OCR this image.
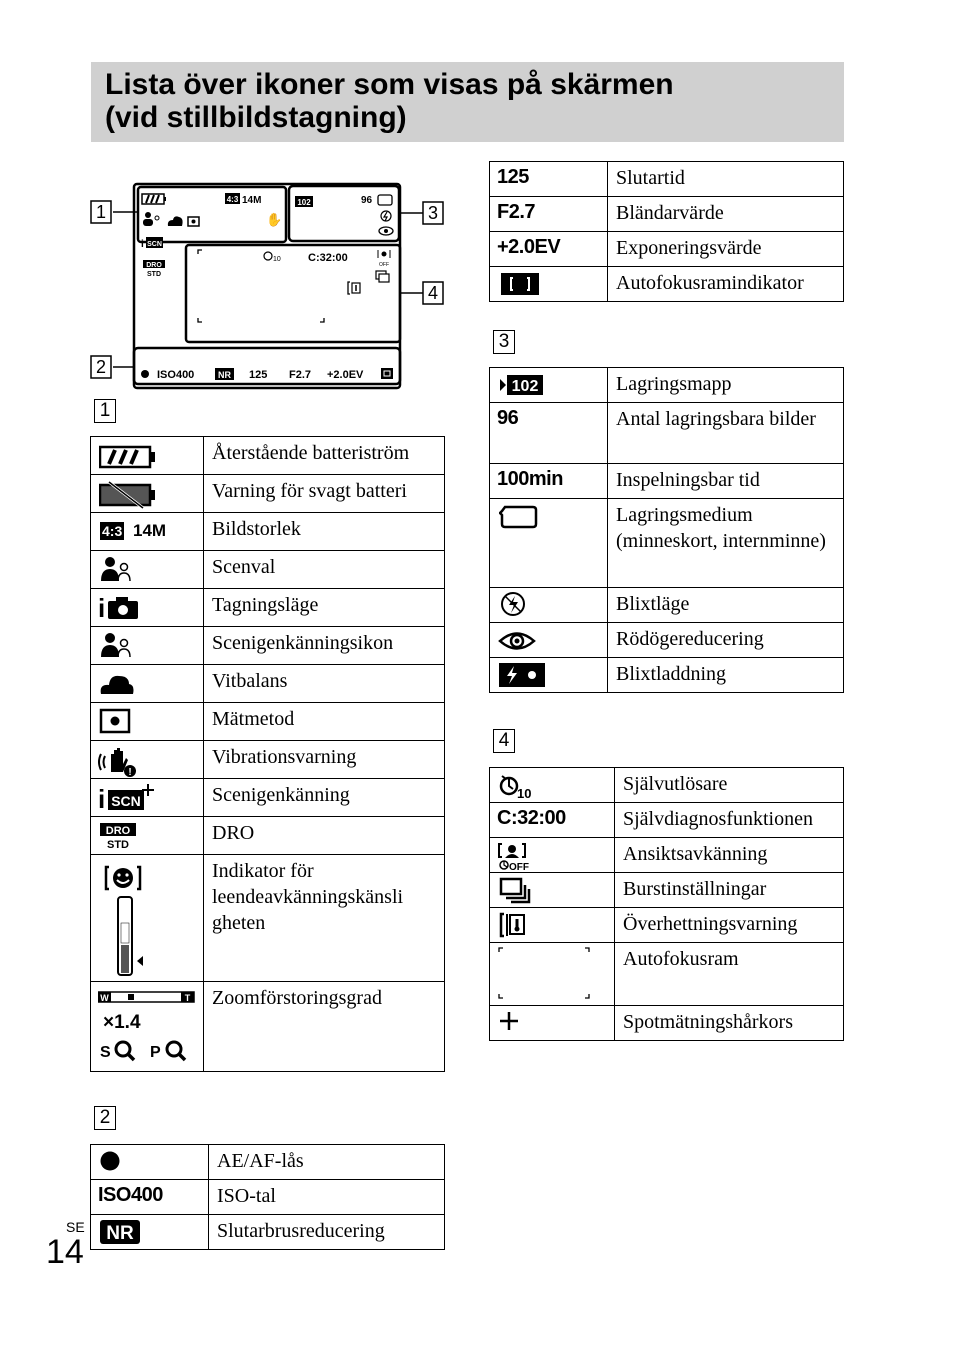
Lista över ikoner som visas på skärmen
(vid stillbildstagning)
1	3
4
2
4:3 14M
✋
i SCN
DRO
STD
102	96
10 C:32:00
OFF
ISO400	NR 125 F2.7 +2.0EV
1
	Återstående batteriström

	Varning för svagt batteri

4:3 14M	Bildstorlek

	Scenval

i	Tagningsläge

	Scenigenkänningsikon

	Vitbalans

	Mätmetod

!	Vibrationsvarning

i SCN	Scenigenkänning

DRO
STD	DRO

	Indikator för leendeavkänningskänsli gheten

W T
×1.4
S P	Zoomförstoringsgrad
2
	AE/AF-lås

ISO400	ISO-tal

NR	Slutarbrusreducering
125	Slutartid

F2.7	Bländarvärde

+2.0EV	Exponeringsvärde

	Autofokusramindikator
3
102	Lagringsmapp

96	Antal lagringsbara bilder

100min	Inspelningsbar tid

	Lagringsmedium (minneskort, internminne)

	Blixtläge

	Rödögereducering

	Blixtladdning
4
10	Självutlösare

C:32:00	Självdiagnosfunktionen

OFF	Ansiktsavkänning

	Burstinställningar

	Överhettningsvarning

	Autofokusram

	Spotmätningshårkors
SE
14
